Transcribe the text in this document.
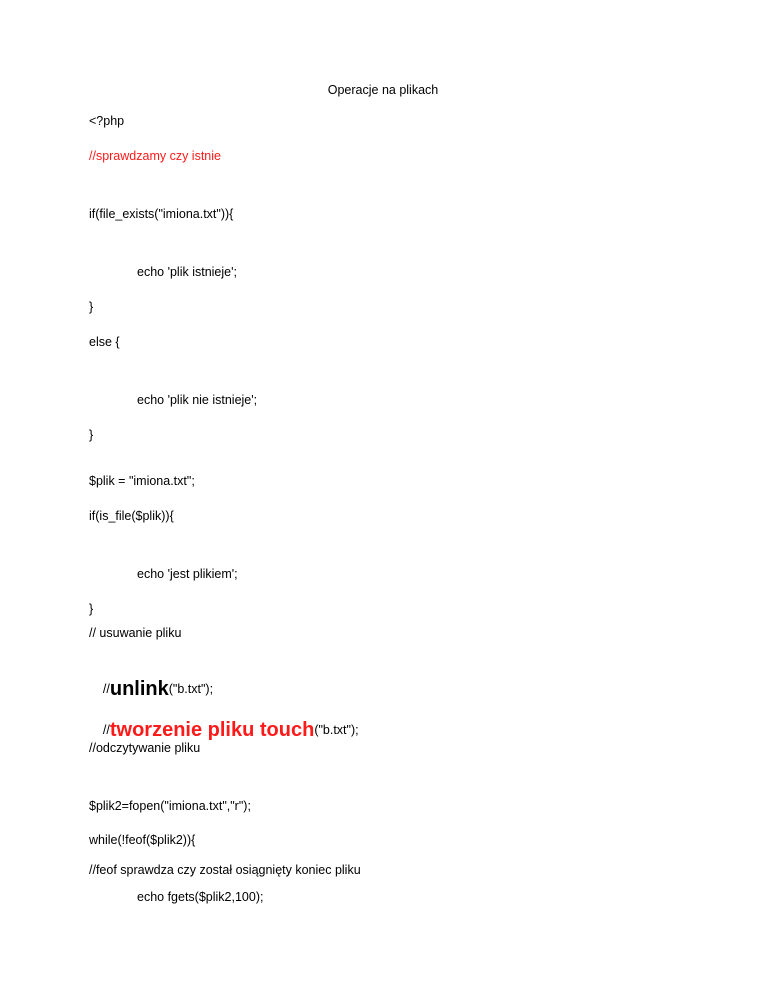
Operacje na plikach
<?php
//sprawdzamy czy istnie
if(file_exists("imiona.txt")){
echo 'plik istnieje';
}
else {
echo 'plik nie istnieje';
}
$plik = "imiona.txt";
if(is_file($plik)){
echo 'jest plikiem';
}
// usuwanie pliku

//unlink("b.txt");

//tworzenie pliku touch("b.txt");

//odczytywanie pliku
$plik2=fopen("imiona.txt","r");
while(!feof($plik2)){
//feof sprawdza czy został osiągnięty koniec pliku
echo fgets($plik2,100);
